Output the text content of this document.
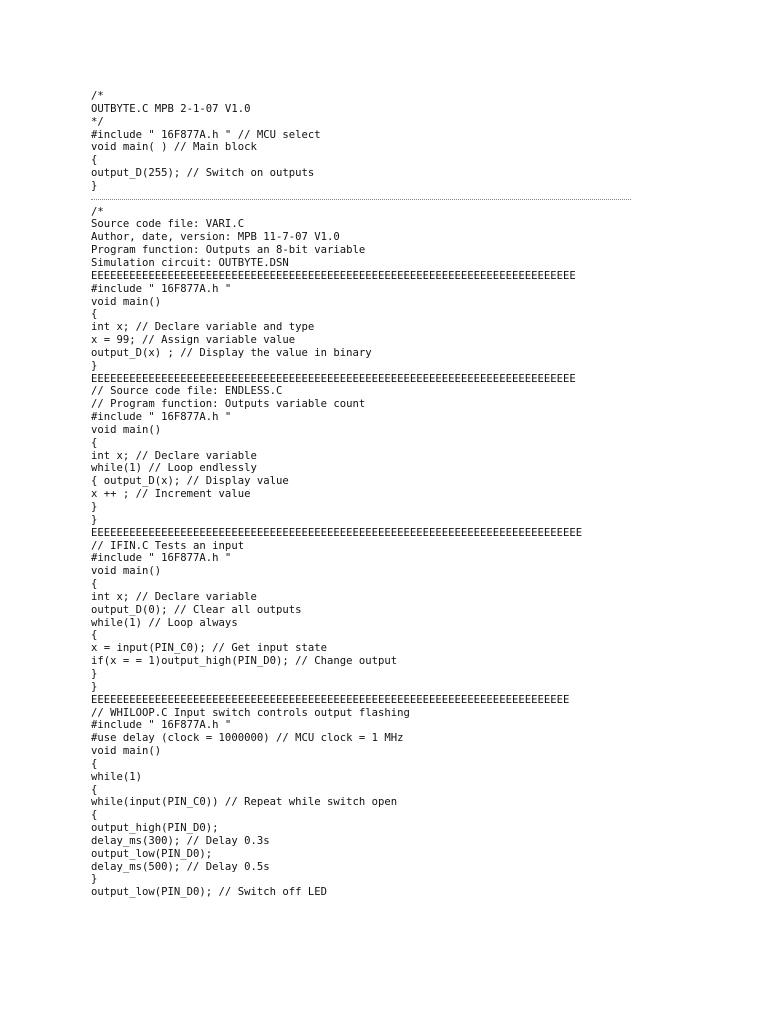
/*
OUTBYTE.C MPB 2-1-07 V1.0
*/
#include " 16F877A.h " // MCU select
void main( ) // Main block
{
output_D(255); // Switch on outputs
}
/*
Source code file: VARI.C
Author, date, version: MPB 11-7-07 V1.0
Program function: Outputs an 8-bit variable
Simulation circuit: OUTBYTE.DSN
EEEEEEEEEEEEEEEEEEEEEEEEEEEEEEEEEEEEEEEEEEEEEEEEEEEEEEEEEEEEEEEEEEEEEEEEEEEE
#include " 16F877A.h "
void main()
{
int x; // Declare variable and type
x = 99; // Assign variable value
output_D(x) ; // Display the value in binary
}
EEEEEEEEEEEEEEEEEEEEEEEEEEEEEEEEEEEEEEEEEEEEEEEEEEEEEEEEEEEEEEEEEEEEEEEEEEEE
// Source code file: ENDLESS.C
// Program function: Outputs variable count
#include " 16F877A.h "
void main()
{
int x; // Declare variable
while(1) // Loop endlessly
{ output_D(x); // Display value
x ++ ; // Increment value
}
}
EEEEEEEEEEEEEEEEEEEEEEEEEEEEEEEEEEEEEEEEEEEEEEEEEEEEEEEEEEEEEEEEEEEEEEEEEEEEE
// IFIN.C Tests an input
#include " 16F877A.h "
void main()
{
int x; // Declare variable
output_D(0); // Clear all outputs
while(1) // Loop always
{
x = input(PIN_C0); // Get input state
if(x = = 1)output_high(PIN_D0); // Change output
}
}
EEEEEEEEEEEEEEEEEEEEEEEEEEEEEEEEEEEEEEEEEEEEEEEEEEEEEEEEEEEEEEEEEEEEEEEEEEE
// WHILOOP.C Input switch controls output flashing
#include " 16F877A.h "
#use delay (clock = 1000000) // MCU clock = 1 MHz
void main()
{
while(1)
{
while(input(PIN_C0)) // Repeat while switch open
{
output_high(PIN_D0);
delay_ms(300); // Delay 0.3s
output_low(PIN_D0);
delay_ms(500); // Delay 0.5s
}
output_low(PIN_D0); // Switch off LED
